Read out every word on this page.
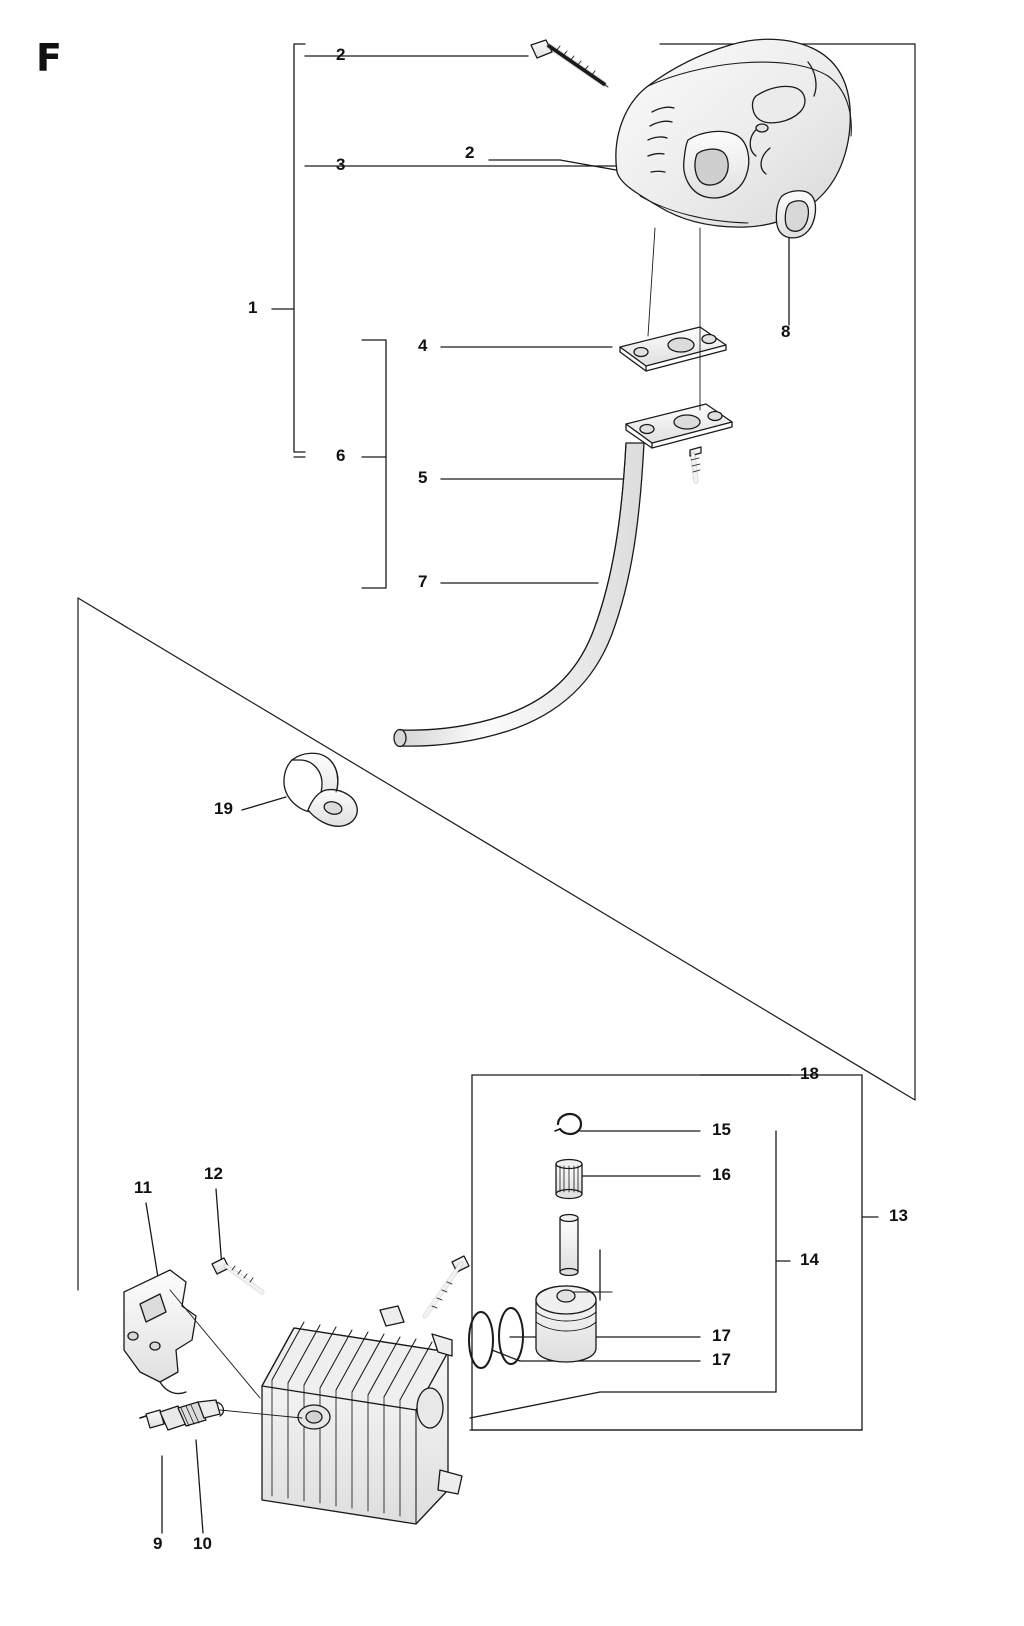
F	2
3
2
1
8
4
6
5
7
19
18
15
16
11
12
13
14
17
17
9 10
